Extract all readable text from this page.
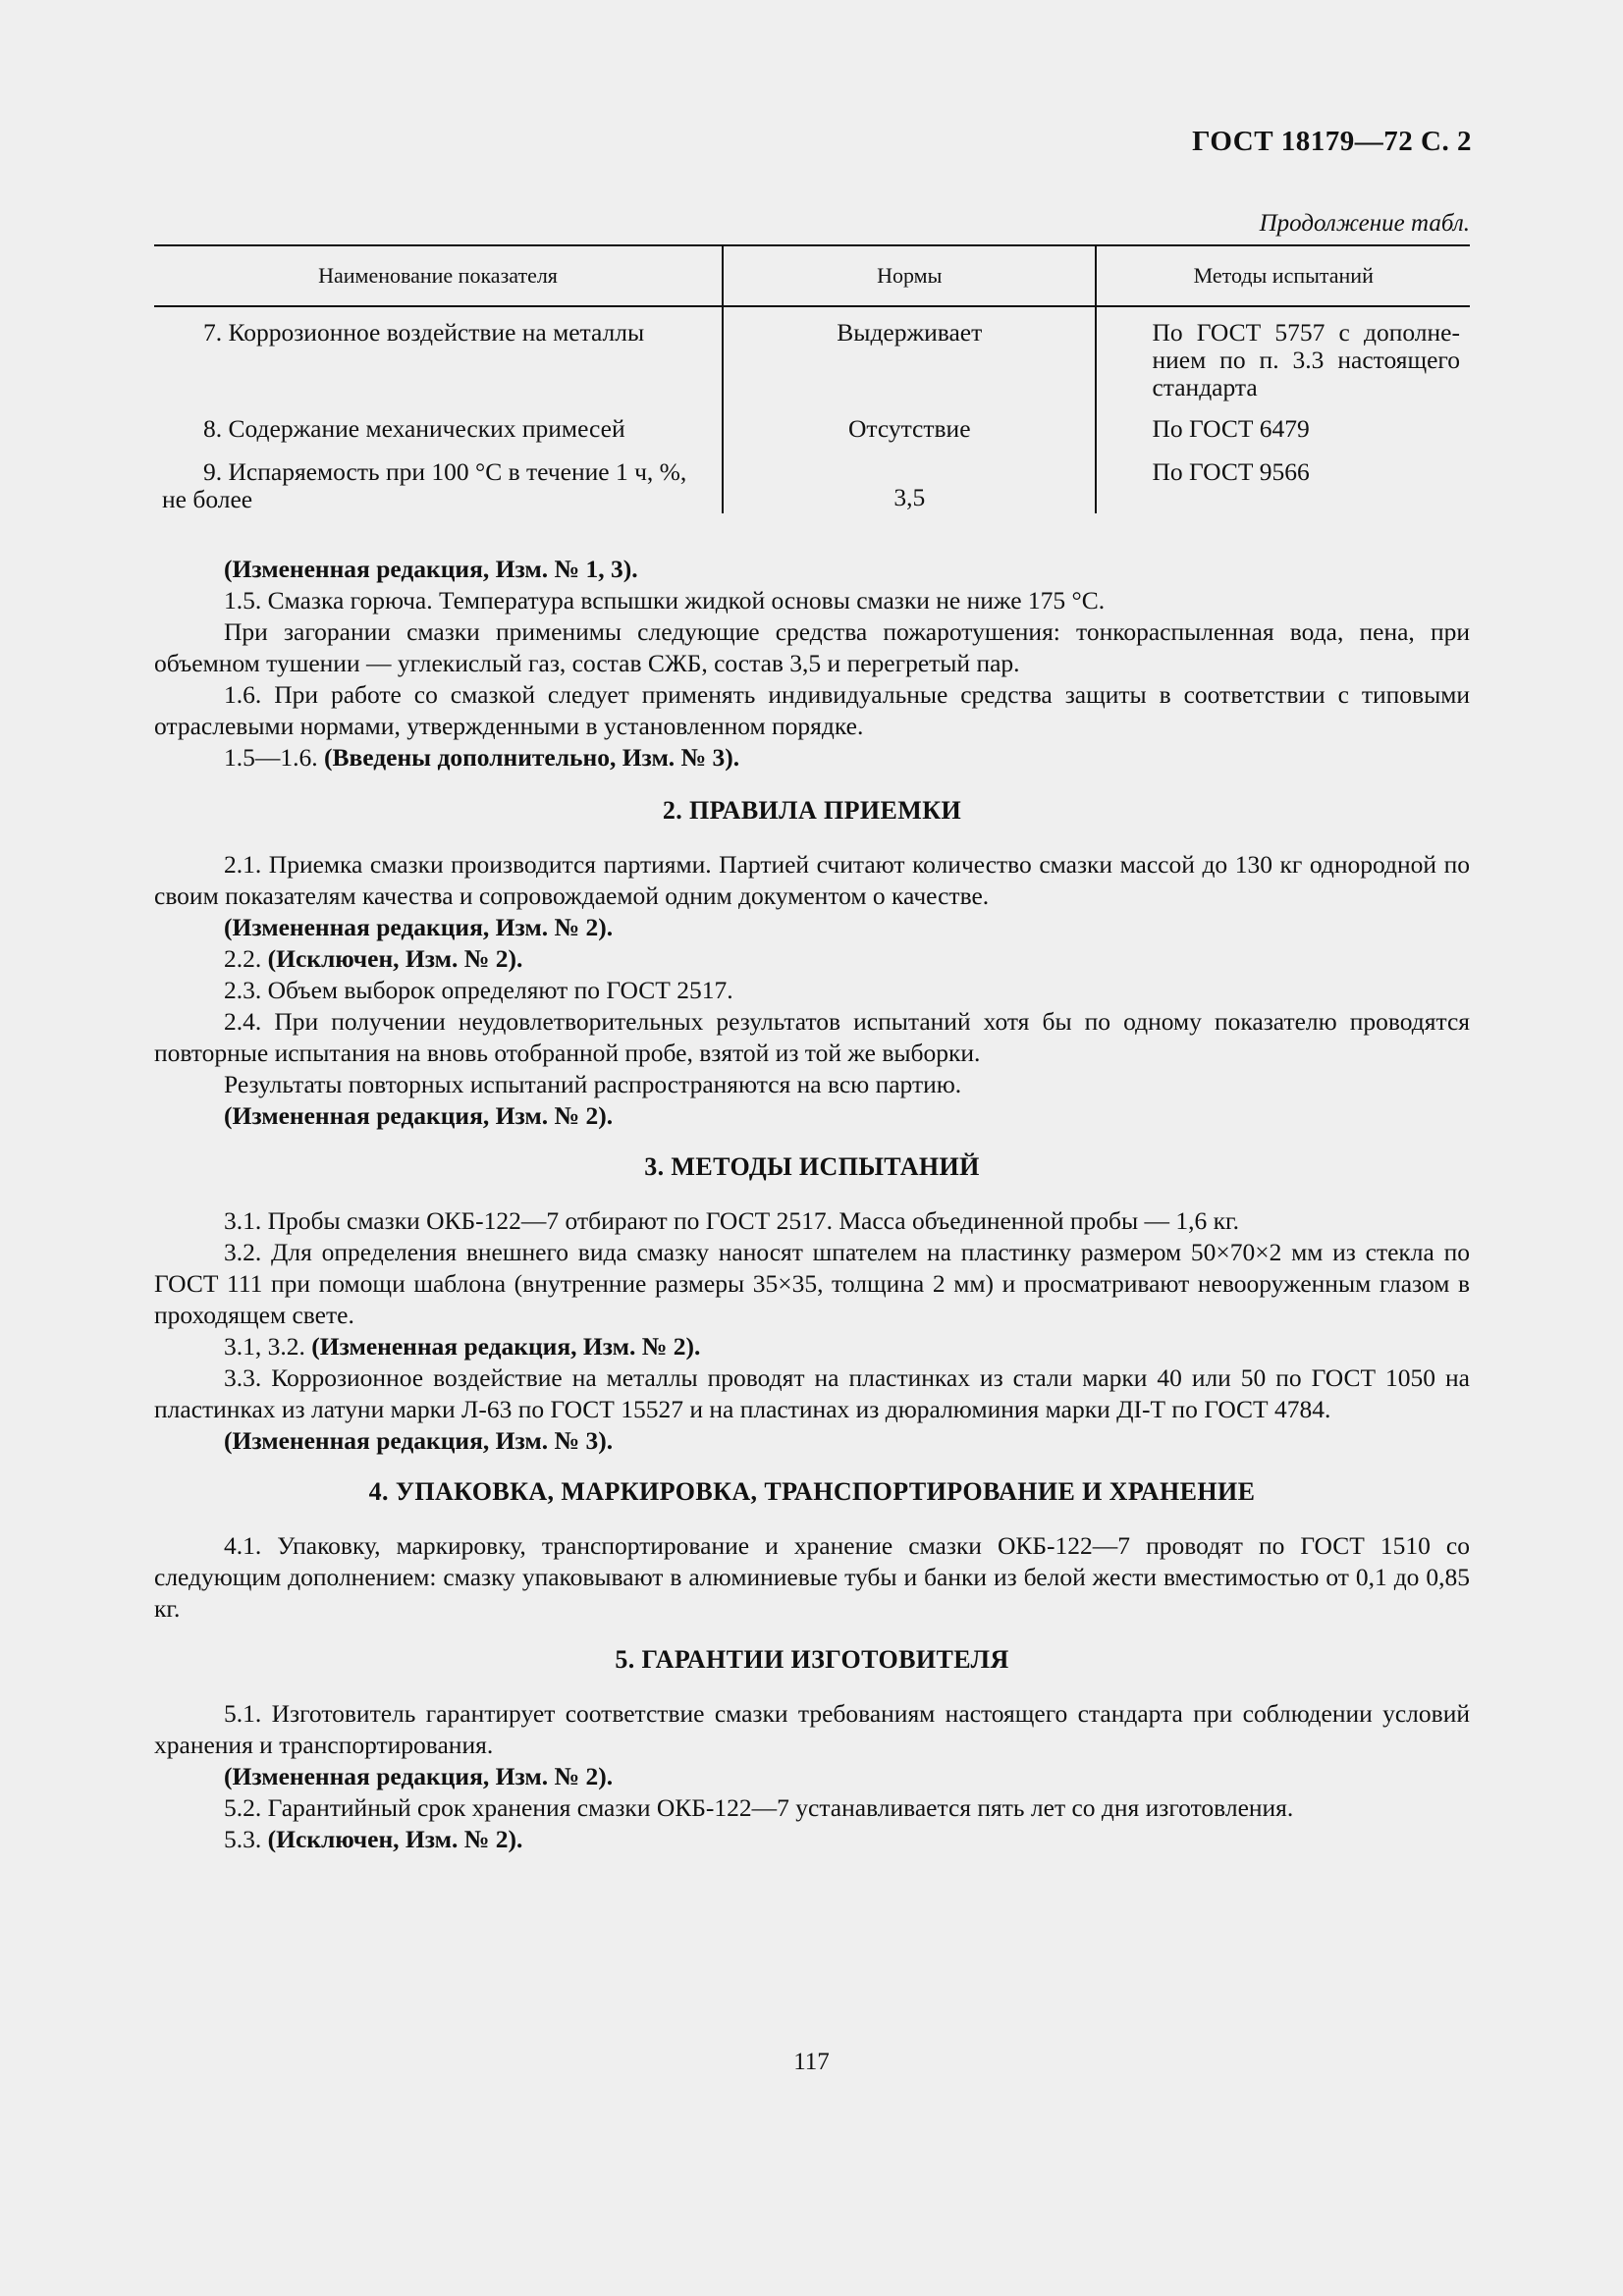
ГОСТ 18179—72 С. 2
Продолжение табл.
Наименование показателя	Нормы	Методы испытаний
7. Коррозионное воздействие на металлы	Выдерживает	По ГОСТ 5757 с дополне-нием по п. 3.3 настоящего стандарта
8. Содержание механических примесей	Отсутствие	По ГОСТ 6479
9. Испаряемость при 100 °С в течение 1 ч, %, не более	3,5	По ГОСТ 9566

(Измененная редакция, Изм. № 1, 3).

1.5. Смазка горюча. Температура вспышки жидкой основы смазки не ниже 175 °С.

При загорании смазки применимы следующие средства пожаротушения: тонкораспыленная вода, пена, при объемном тушении — углекислый газ, состав СЖБ, состав 3,5 и перегретый пар.

1.6. При работе со смазкой следует применять индивидуальные средства защиты в соответствии с типовыми отраслевыми нормами, утвержденными в установленном порядке.

1.5—1.6. (Введены дополнительно, Изм. № 3).

2. ПРАВИЛА ПРИЕМКИ

2.1. Приемка смазки производится партиями. Партией считают количество смазки массой до 130 кг однородной по своим показателям качества и сопровождаемой одним документом о качестве.

(Измененная редакция, Изм. № 2).

2.2. (Исключен, Изм. № 2).

2.3. Объем выборок определяют по ГОСТ 2517.

2.4. При получении неудовлетворительных результатов испытаний хотя бы по одному показателю проводятся повторные испытания на вновь отобранной пробе, взятой из той же выборки.

Результаты повторных испытаний распространяются на всю партию.

(Измененная редакция, Изм. № 2).

3. МЕТОДЫ ИСПЫТАНИЙ

3.1. Пробы смазки ОКБ-122—7 отбирают по ГОСТ 2517. Масса объединенной пробы — 1,6 кг.

3.2. Для определения внешнего вида смазку наносят шпателем на пластинку размером 50×70×2 мм из стекла по ГОСТ 111 при помощи шаблона (внутренние размеры 35×35, толщина 2 мм) и просматривают невооруженным глазом в проходящем свете.

3.1, 3.2. (Измененная редакция, Изм. № 2).

3.3. Коррозионное воздействие на металлы проводят на пластинках из стали марки 40 или 50 по ГОСТ 1050 на пластинках из латуни марки Л-63 по ГОСТ 15527 и на пластинах из дюралюминия марки ДI-Т по ГОСТ 4784.

(Измененная редакция, Изм. № 3).

4. УПАКОВКА, МАРКИРОВКА, ТРАНСПОРТИРОВАНИЕ И ХРАНЕНИЕ

4.1. Упаковку, маркировку, транспортирование и хранение смазки ОКБ-122—7 проводят по ГОСТ 1510 со следующим дополнением: смазку упаковывают в алюминиевые тубы и банки из белой жести вместимостью от 0,1 до 0,85 кг.

5. ГАРАНТИИ ИЗГОТОВИТЕЛЯ

5.1. Изготовитель гарантирует соответствие смазки требованиям настоящего стандарта при соблюдении условий хранения и транспортирования.

(Измененная редакция, Изм. № 2).

5.2. Гарантийный срок хранения смазки ОКБ-122—7 устанавливается пять лет со дня изготовления.

5.3. (Исключен, Изм. № 2).

117
